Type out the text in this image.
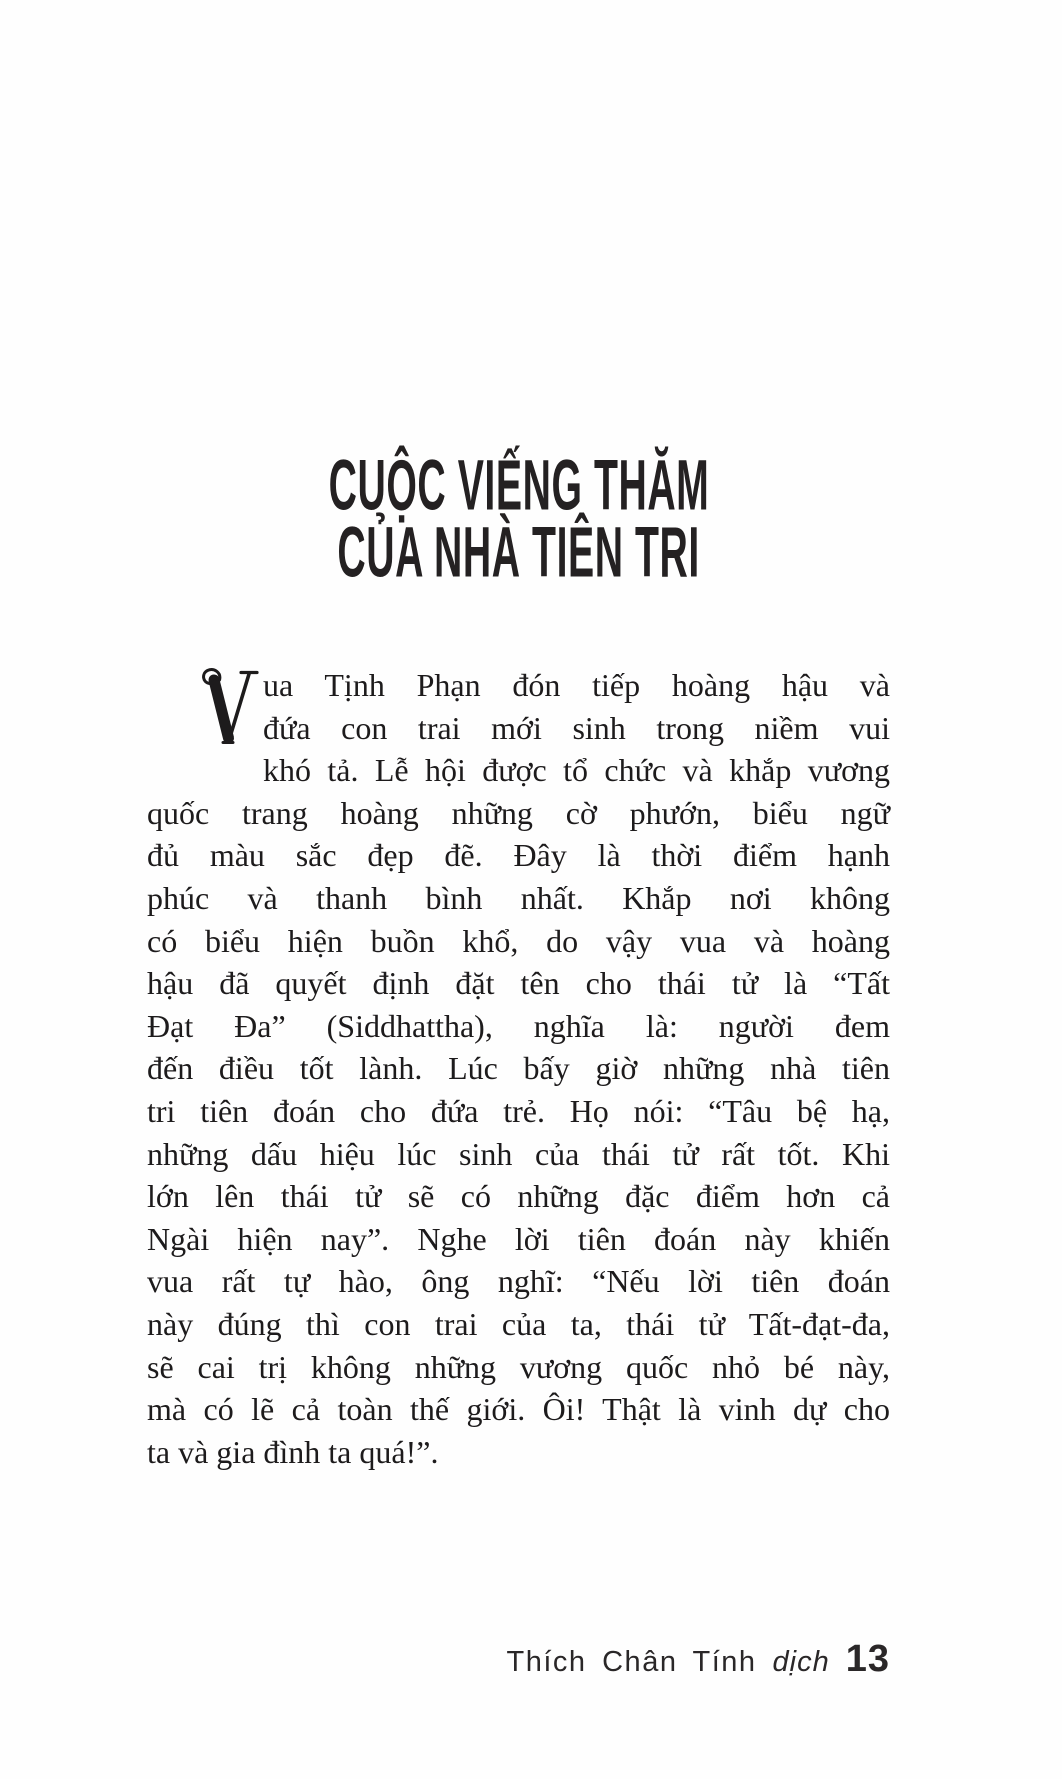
CUỘC VIẾNG THĂM
CỦA NHÀ TIÊN TRI
ua Tịnh Phạn đón tiếp hoàng hậu và
đứa con trai mới sinh trong niềm vui
khó tả. Lễ hội được tổ chức và khắp vương
quốc trang hoàng những cờ phướn, biểu ngữ
đủ màu sắc đẹp đẽ. Đây là thời điểm hạnh
phúc và thanh bình nhất. Khắp nơi không
có biểu hiện buồn khổ, do vậy vua và hoàng
hậu đã quyết định đặt tên cho thái tử là “Tất
Đạt Đa” (Siddhattha), nghĩa là: người đem
đến điều tốt lành. Lúc bấy giờ những nhà tiên
tri tiên đoán cho đứa trẻ. Họ nói: “Tâu bệ hạ,
những dấu hiệu lúc sinh của thái tử rất tốt. Khi
lớn lên thái tử sẽ có những đặc điểm hơn cả
Ngài hiện nay”. Nghe lời tiên đoán này khiến
vua rất tự hào, ông nghĩ: “Nếu lời tiên đoán
này đúng thì con trai của ta, thái tử Tất-đạt-đa,
sẽ cai trị không những vương quốc nhỏ bé này,
mà có lẽ cả toàn thế giới. Ôi! Thật là vinh dự cho
ta và gia đình ta quá!”.
Thích Chân Tính dịch 13
